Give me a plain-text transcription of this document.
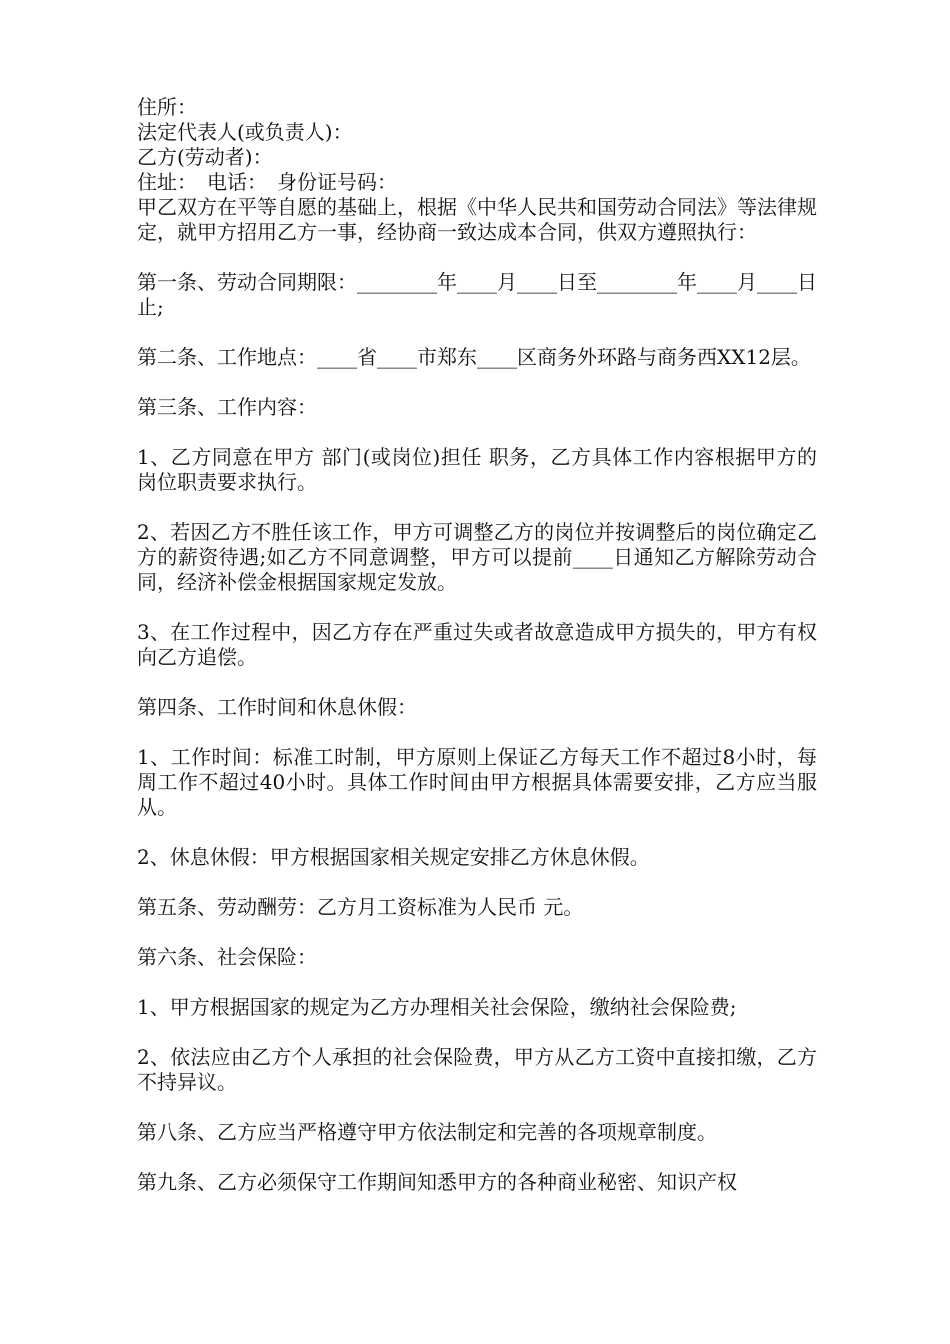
住所：
法定代表人(或负责人)：
乙方(劳动者)：
住址：　电话：　身份证号码：

甲乙双方在平等自愿的基础上，根据《中华人民共和国劳动合同法》等法律规定，就甲方招用乙方一事，经协商一致达成本合同，供双方遵照执行：

第一条、劳动合同期限：________年____月____日至________年____月____日止;

第二条、工作地点：____省____市郑东____区商务外环路与商务西XX12层。

第三条、工作内容：

1、乙方同意在甲方 部门(或岗位)担任 职务，乙方具体工作内容根据甲方的岗位职责要求执行。

2、若因乙方不胜任该工作，甲方可调整乙方的岗位并按调整后的岗位确定乙方的薪资待遇;如乙方不同意调整，甲方可以提前____日通知乙方解除劳动合同，经济补偿金根据国家规定发放。

3、在工作过程中，因乙方存在严重过失或者故意造成甲方损失的，甲方有权向乙方追偿。

第四条、工作时间和休息休假：

1、工作时间：标准工时制，甲方原则上保证乙方每天工作不超过8小时，每周工作不超过40小时。具体工作时间由甲方根据具体需要安排，乙方应当服从。

2、休息休假：甲方根据国家相关规定安排乙方休息休假。

第五条、劳动酬劳：乙方月工资标准为人民币 元。

第六条、社会保险：

1、甲方根据国家的规定为乙方办理相关社会保险，缴纳社会保险费;

2、依法应由乙方个人承担的社会保险费，甲方从乙方工资中直接扣缴，乙方不持异议。

第八条、乙方应当严格遵守甲方依法制定和完善的各项规章制度。

第九条、乙方必须保守工作期间知悉甲方的各种商业秘密、知识产权
